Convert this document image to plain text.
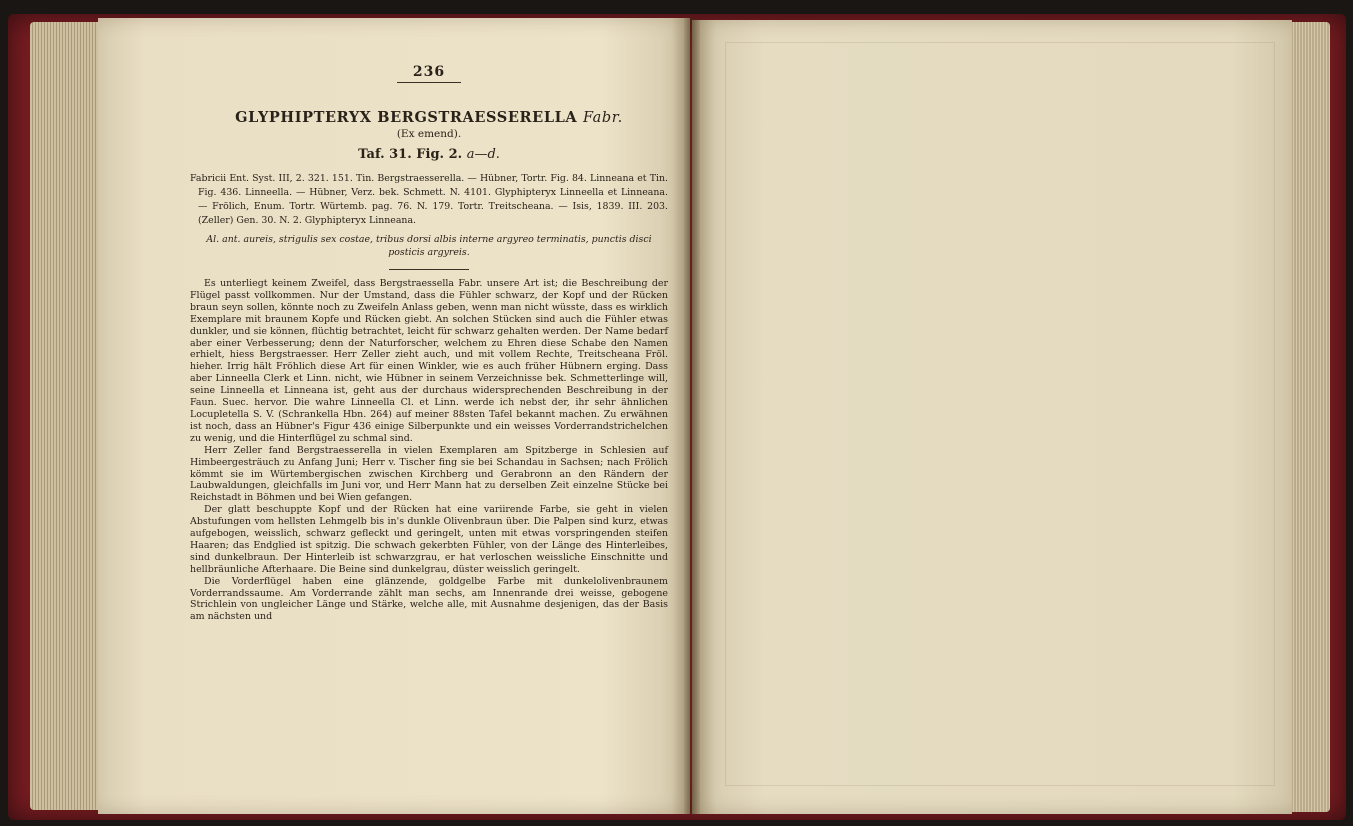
236
GLYPHIPTERYX BERGSTRAESSERELLA Fabr.
(Ex emend).
Taf. 31. Fig. 2. a—d.
Fabricii Ent. Syst. III, 2. 321. 151. Tin. Bergstraesserella. — Hübner, Tortr. Fig. 84. Linneana et Tin. Fig. 436. Linneella. — Hübner, Verz. bek. Schmett. N. 4101. Glyphipteryx Linneella et Linneana. — Frölich, Enum. Tortr. Würtemb. pag. 76. N. 179. Tortr. Treitscheana. — Isis, 1839. III. 203. (Zeller) Gen. 30. N. 2. Glyphipteryx Linneana.
Al. ant. aureis, strigulis sex costae, tribus dorsi albis interne argyreo terminatis, punctis disci posticis argyreis.

Es unterliegt keinem Zweifel, dass Bergstraessella Fabr. unsere Art ist; die Beschreibung der Flügel passt vollkommen. Nur der Umstand, dass die Fühler schwarz, der Kopf und der Rücken braun seyn sollen, könnte noch zu Zweifeln Anlass geben, wenn man nicht wüsste, dass es wirklich Exemplare mit braunem Kopfe und Rücken giebt. An solchen Stücken sind auch die Fühler etwas dunkler, und sie können, flüchtig betrachtet, leicht für schwarz gehalten werden. Der Name bedarf aber einer Verbesserung; denn der Naturforscher, welchem zu Ehren diese Schabe den Namen erhielt, hiess Bergstraesser. Herr Zeller zieht auch, und mit vollem Rechte, Treitscheana Fröl. hieher. Irrig hält Fröhlich diese Art für einen Winkler, wie es auch früher Hübnern erging. Dass aber Linneella Clerk et Linn. nicht, wie Hübner in seinem Verzeichnisse bek. Schmetterlinge will, seine Linneella et Linneana ist, geht aus der durchaus widersprechenden Beschreibung in der Faun. Suec. hervor. Die wahre Linneella Cl. et Linn. werde ich nebst der, ihr sehr ähnlichen Locupletella S. V. (Schrankella Hbn. 264) auf meiner 88sten Tafel bekannt machen. Zu erwähnen ist noch, dass an Hübner's Figur 436 einige Silberpunkte und ein weisses Vorderrandstrichelchen zu wenig, und die Hinterflügel zu schmal sind.

Herr Zeller fand Bergstraesserella in vielen Exemplaren am Spitzberge in Schlesien auf Himbeergesträuch zu Anfang Juni; Herr v. Tischer fing sie bei Schandau in Sachsen; nach Frölich kömmt sie im Würtembergischen zwischen Kirchberg und Gerabronn an den Rändern der Laubwaldungen, gleichfalls im Juni vor, und Herr Mann hat zu derselben Zeit einzelne Stücke bei Reichstadt in Böhmen und bei Wien gefangen.

Der glatt beschuppte Kopf und der Rücken hat eine variirende Farbe, sie geht in vielen Abstufungen vom hellsten Lehmgelb bis in's dunkle Olivenbraun über. Die Palpen sind kurz, etwas aufgebogen, weisslich, schwarz gefleckt und geringelt, unten mit etwas vorspringenden steifen Haaren; das Endglied ist spitzig. Die schwach gekerbten Fühler, von der Länge des Hinterleibes, sind dunkelbraun. Der Hinterleib ist schwarzgrau, er hat verloschen weissliche Einschnitte und hellbräunliche Afterhaare. Die Beine sind dunkelgrau, düster weisslich geringelt.

Die Vorderflügel haben eine glänzende, goldgelbe Farbe mit dunkelolivenbraunem Vorderrandssaume. Am Vorderrande zählt man sechs, am Innenrande drei weisse, gebogene Strichlein von ungleicher Länge und Stärke, welche alle, mit Ausnahme desjenigen, das der Basis am nächsten und
